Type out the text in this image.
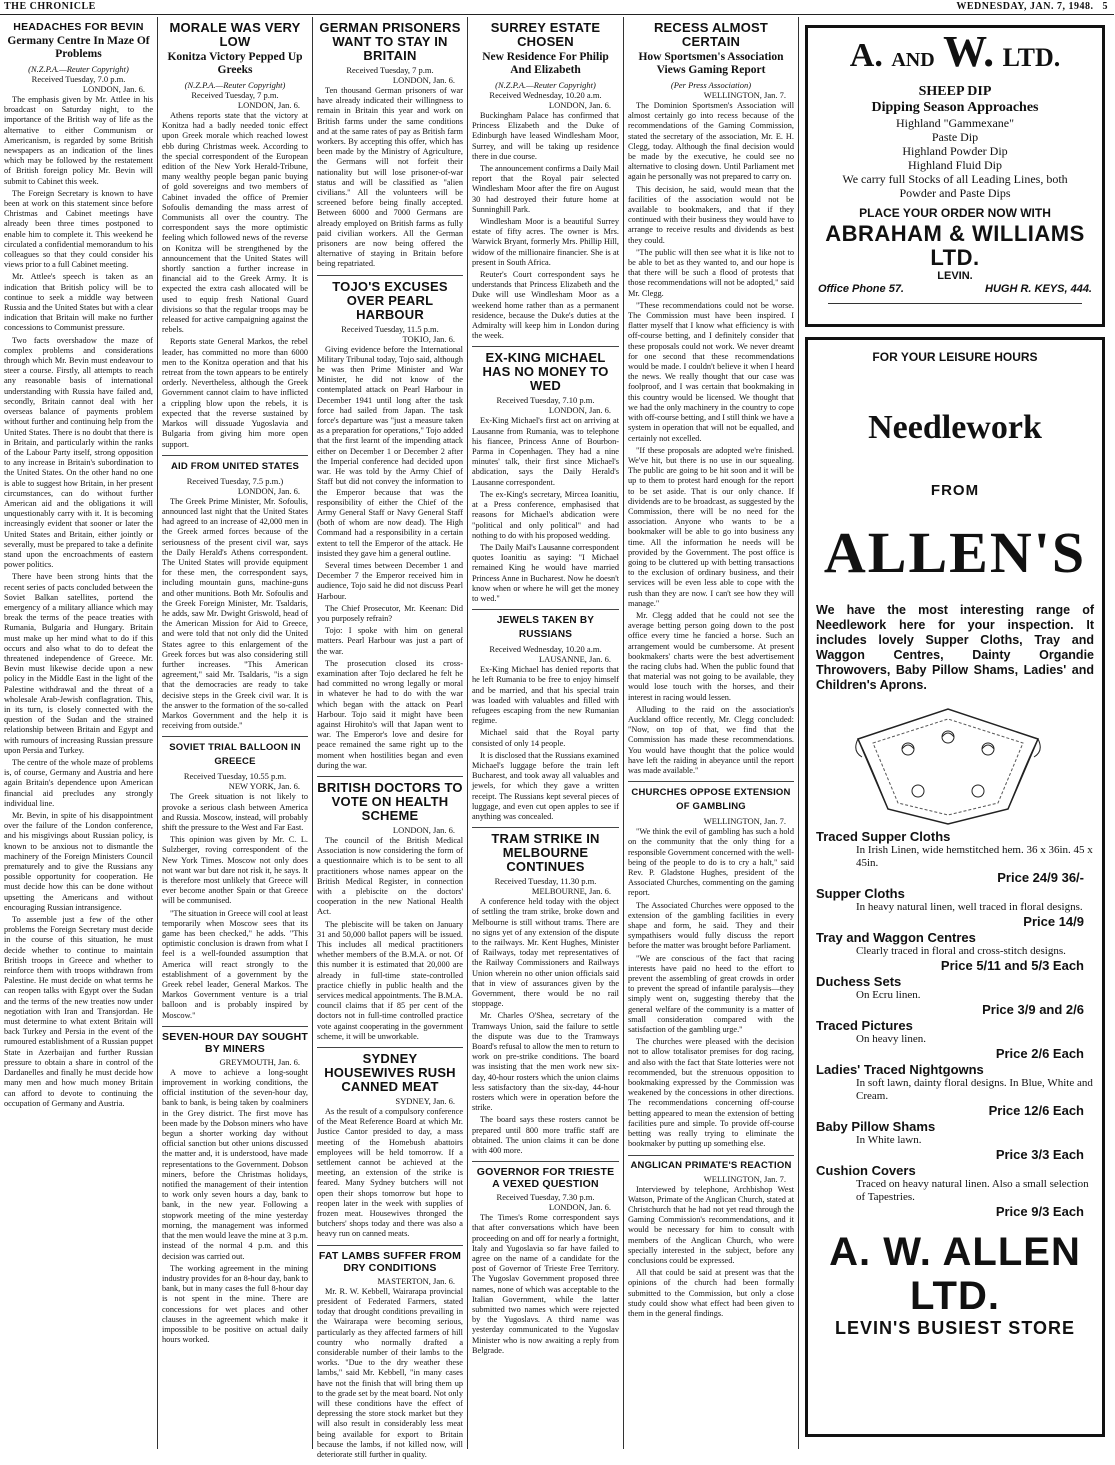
THE CHRONICLE	WEDNESDAY, JAN. 7, 1948. 5
HEADACHES FOR BEVIN
Germany Centre In Maze Of Problems

(N.Z.P.A.—Reuter Copyright)

Received Tuesday, 7.0 p.m.

LONDON, Jan. 6.

The emphasis given by Mr. Attlee in his broadcast on Saturday night, to the importance of the British way of life as the alternative to either Communism or Americanism, is regarded by some British newspapers as an indication of the lines which may be followed by the restatement of British foreign policy Mr. Bevin will submit to Cabinet this week.

The Foreign Secretary is known to have been at work on this statement since before Christmas and Cabinet meetings have already been three times postponed to enable him to complete it. This weekend he circulated a confidential memorandum to his colleagues so that they could consider his views prior to a full Cabinet meeting.

Mr. Attlee's speech is taken as an indication that British policy will be to continue to seek a middle way between Russia and the United States but with a clear indication that Britain will make no further concessions to Communist pressure.

Two facts overshadow the maze of complex problems and considerations through which Mr. Bevin must endeavour to steer a course. Firstly, all attempts to reach any reasonable basis of international understanding with Russia have failed and, secondly, Britain cannot deal with her overseas balance of payments problem without further and continuing help from the United States. There is no doubt that there is in Britain, and particularly within the ranks of the Labour Party itself, strong opposition to any increase in Britain's subordination to the United States. On the other hand no one is able to suggest how Britain, in her present circumstances, can do without further American aid and the obligations it will unquestionably carry with it. It is becoming increasingly evident that sooner or later the United States and Britain, either jointly or severally, must be prepared to take a definite stand upon the encroachments of eastern power politics.

There have been strong hints that the recent series of pacts concluded between the Soviet Balkan satellites, portend the emergency of a military alliance which may break the terms of the peace treaties with Rumania, Bulgaria and Hungary. Britain must make up her mind what to do if this occurs and also what to do to defeat the threatened independence of Greece. Mr. Bevin must likewise decide upon a new policy in the Middle East in the light of the Palestine withdrawal and the threat of a wholesale Arab-Jewish conflagration. This, in its turn, is closely connected with the question of the Sudan and the strained relationship between Britain and Egypt and with rumours of increasing Russian pressure upon Persia and Turkey.

The centre of the whole maze of problems is, of course, Germany and Austria and here again Britain's dependence upon American financial aid precludes any strongly individual line.

Mr. Bevin, in spite of his disappointment over the failure of the London conference, and his misgivings about Russian policy, is known to be anxious not to dismantle the machinery of the Foreign Ministers Council prematurely and to give the Russians any possible opportunity for cooperation. He must decide how this can be done without upsetting the Americans and without encouraging Russian intransigence.

To assemble just a few of the other problems the Foreign Secretary must decide in the course of this situation, he must decide whether to continue to maintain British troops in Greece and whether to reinforce them with troops withdrawn from Palestine. He must decide on what terms he can reopen talks with Egypt over the Sudan and the terms of the new treaties now under negotiation with Iran and Transjordan. He must determine to what extent Britain will back Turkey and Persia in the event of the rumoured establishment of a Russian puppet State in Azerbaijan and further Russian pressure to obtain a share in control of the Dardanelles and finally he must decide how many men and how much money Britain can afford to devote to continuing the occupation of Germany and Austria.

MORALE WAS VERY LOW
Konitza Victory Pepped Up Greeks

(N.Z.P.A.—Reuter Copyright)

Received Tuesday, 7 p.m.

LONDON, Jan. 6.

Athens reports state that the victory at Konitza had a badly needed tonic effect upon Greek morale which reached lowest ebb during Christmas week. According to the special correspondent of the European edition of the New York Herald-Tribune, many wealthy people began panic buying of gold sovereigns and two members of Cabinet invaded the office of Premier Sofoulis demanding the mass arrest of Communists all over the country. The correspondent says the more optimistic feeling which followed news of the reverse on Konitza will be strengthened by the announcement that the United States will shortly sanction a further increase in financial aid to the Greek Army. It is expected the extra cash allocated will be used to equip fresh National Guard divisions so that the regular troops may be released for active campaigning against the rebels.

Reports state General Markos, the rebel leader, has committed no more than 6000 men to the Konitza operation and that his retreat from the town appears to be entirely orderly. Nevertheless, although the Greek Government cannot claim to have inflicted a crippling blow upon the rebels, it is expected that the reverse sustained by Markos will dissuade Yugoslavia and Bulgaria from giving him more open support.

AID FROM UNITED STATES

Received Tuesday, 7.5 p.m.)

LONDON, Jan. 6.

The Greek Prime Minister, Mr. Sofoulis, announced last night that the United States had agreed to an increase of 42,000 men in the Greek armed forces because of the seriousness of the present civil war, says the Daily Herald's Athens correspondent. The United States will provide equipment for these men, the correspondent says, including mountain guns, machine-guns and other munitions. Both Mr. Sofoulis and the Greek Foreign Minister, Mr. Tsaldaris, he adds, saw Mr. Dwight Griswold, head of the American Mission for Aid to Greece, and were told that not only did the United States agree to this enlargement of the Greek forces but was also considering still further increases. "This American agreement," said Mr. Tsaldaris, "is a sign that the democracies are ready to take decisive steps in the Greek civil war. It is the answer to the formation of the so-called Markos Government and the help it is receiving from outside."

SOVIET TRIAL BALLOON IN GREECE

Received Tuesday, 10.55 p.m.

NEW YORK, Jan. 6.

The Greek situation is not likely to provoke a serious clash between America and Russia. Moscow, instead, will probably shift the pressure to the West and Far East.

This opinion was given by Mr. C. L. Sulzberger, roving correspondent of the New York Times. Moscow not only does not want war but dare not risk it, he says. It is therefore most unlikely that Greece will ever become another Spain or that Greece will be communised.

"The situation in Greece will cool at least temporarily when Moscow sees that its game has been checked," he adds. "This optimistic conclusion is drawn from what I feel is a well-founded assumption that America will react strongly to the establishment of a government by the Greek rebel leader, General Markos. The Markos Government venture is a trial balloon and is probably inspired by Moscow."

SEVEN-HOUR DAY SOUGHT BY MINERS

GREYMOUTH, Jan. 6.

A move to achieve a long-sought improvement in working conditions, the official institution of the seven-hour day, bank to bank, is being taken by coalminers in the Grey district. The first move has been made by the Dobson miners who have begun a shorter working day without official sanction but other unions discussed the matter and, it is understood, have made representations to the Government. Dobson miners, before the Christmas holidays, notified the management of their intention to work only seven hours a day, bank to bank, in the new year. Following a stopwork meeting of the mine yesterday morning, the management was informed that the men would leave the mine at 3 p.m. instead of the normal 4 p.m. and this decision was carried out.

The working agreement in the mining industry provides for an 8-hour day, bank to bank, but in many cases the full 8-hour day is not spent in the mine. There are concessions for wet places and other clauses in the agreement which make it impossible to be positive on actual daily hours worked.

GERMAN PRISONERS WANT TO STAY IN BRITAIN

Received Tuesday, 7 p.m.

LONDON, Jan. 6.

Ten thousand German prisoners of war have already indicated their willingness to remain in Britain this year and work on British farms under the same conditions and at the same rates of pay as British farm workers. By accepting this offer, which has been made by the Ministry of Agriculture, the Germans will not forfeit their nationality but will lose prisoner-of-war status and will be classified as "alien civilians." All the volunteers will be screened before being finally accepted. Between 6000 and 7000 Germans are already employed on British farms as fully paid civilian workers. All the German prisoners are now being offered the alternative of staying in Britain before being repatriated.

TOJO'S EXCUSES OVER PEARL HARBOUR

Received Tuesday, 11.5 p.m.

TOKIO, Jan. 6.

Giving evidence before the International Military Tribunal today, Tojo said, although he was then Prime Minister and War Minister, he did not know of the contemplated attack on Pearl Harbour in December 1941 until long after the task force had sailed from Japan. The task force's departure was "just a measure taken as a preparation for operations," Tojo added that the first learnt of the impending attack either on December 1 or December 2 after the Imperial conference had decided upon war. He was told by the Army Chief of Staff but did not convey the information to the Emperor because that was the responsibility of either the Chief of the Army General Staff or Navy General Staff (both of whom are now dead). The High Command had a responsibility in a certain extent to tell the Emperor of the attack. He insisted they gave him a general outline.

Several times between December 1 and December 7 the Emperor received him in audience, Tojo said he did not discuss Pearl Harbour.

The Chief Prosecutor, Mr. Keenan: Did you purposely refrain?

Tojo: I spoke with him on general matters. Pearl Harbour was just a part of the war.

The prosecution closed its cross-examination after Tojo declared he felt he had committed no wrong legally or moral in whatever he had to do with the war which began with the attack on Pearl Harbour. Tojo said it might have been against Hirohito's will that Japan went to war. The Emperor's love and desire for peace remained the same right up to the moment when hostilities began and even during the war.

BRITISH DOCTORS TO VOTE ON HEALTH SCHEME

LONDON, Jan. 6.

The council of the British Medical Association is now considering the form of a questionnaire which is to be sent to all practitioners whose names appear on the British Medical Register, in connection with a plebiscite on the doctors' cooperation in the new National Health Act.

The plebiscite will be taken on January 31 and 50,000 ballot papers will be issued. This includes all medical practitioners whether members of the B.M.A. or not. Of this number it is estimated that 20,000 are already in full-time state-controlled practice chiefly in public health and the services medical appointments. The B.M.A. council claims that if 85 per cent of the doctors not in full-time controlled practice vote against cooperating in the government scheme, it will be unworkable.

SYDNEY HOUSEWIVES RUSH CANNED MEAT

SYDNEY, Jan. 6.

As the result of a compulsory conference of the Meat Reference Board at which Mr. Justice Cantor presided to day, a mass meeting of the Homebush abattoirs employees will be held tomorrow. If a settlement cannot be achieved at the meeting, an extension of the strike is feared. Many Sydney butchers will not open their shops tomorrow but hope to reopen later in the week with supplies of frozen meat. Housewives thronged the butchers' shops today and there was also a heavy run on canned meats.

FAT LAMBS SUFFER FROM DRY CONDITIONS

MASTERTON, Jan. 6.

Mr. R. W. Kebbell, Wairarapa provincial president of Federated Farmers, stated today that drought conditions prevailing in the Wairarapa were becoming serious, particularly as they affected farmers of hill country who normally drafted a considerable number of their lambs to the works. "Due to the dry weather these lambs," said Mr. Kebbell, "in many cases have not the finish that will bring them up to the grade set by the meat board. Not only will these conditions have the effect of depressing the store stock market but they will also result in considerably less meat being available for export to Britain because the lambs, if not killed now, will deteriorate still further in quality.

SURREY ESTATE CHOSEN
New Residence For Philip And Elizabeth

(N.Z.P.A.—Reuter Copyright)

Received Wednesday, 10.20 a.m.

LONDON, Jan. 6.

Buckingham Palace has confirmed that Princess Elizabeth and the Duke of Edinburgh have leased Windlesham Moor, Surrey, and will be taking up residence there in due course.

The announcement confirms a Daily Mail report that the Royal pair selected Windlesham Moor after the fire on August 30 had destroyed their future home at Sunninghill Park.

Windlesham Moor is a beautiful Surrey estate of fifty acres. The owner is Mrs. Warwick Bryant, formerly Mrs. Phillip Hill, widow of the millionaire financier. She is at present in South Africa.

Reuter's Court correspondent says he understands that Princess Elizabeth and the Duke will use Windlesham Moor as a weekend home rather than as a permanent residence, because the Duke's duties at the Admiralty will keep him in London during the week.

EX-KING MICHAEL HAS NO MONEY TO WED

Received Tuesday, 7.10 p.m.

LONDON, Jan. 6.

Ex-King Michael's first act on arriving at Lausanne from Rumania, was to telephone his fiancee, Princess Anne of Bourbon-Parma in Copenhagen. They had a nine minutes' talk, their first since Michael's abdication, says the Daily Herald's Lausanne correspondent.

The ex-King's secretary, Mircea Ioanitiu, at a Press conference, emphasised that reasons for Michael's abdication were "political and only political" and had nothing to do with his proposed wedding.

The Daily Mail's Lausanne correspondent quotes Ioanitiu as saying: "I Michael remained King he would have married Princess Anne in Bucharest. Now he doesn't know when or where he will get the money to wed."

JEWELS TAKEN BY RUSSIANS

Received Wednesday, 10.20 a.m.

LAUSANNE, Jan. 6.

Ex-King Michael has denied reports that he left Rumania to be free to enjoy himself and be married, and that his special train was loaded with valuables and filled with refugees escaping from the new Rumanian regime.

Michael said that the Royal party consisted of only 14 people.

It is disclosed that the Russians examined Michael's luggage before the train left Bucharest, and took away all valuables and jewels, for which they gave a written receipt. The Russians kept several pieces of luggage, and even cut open apples to see if anything was concealed.

TRAM STRIKE IN MELBOURNE CONTINUES

Received Tuesday, 11.30 p.m.

MELBOURNE, Jan. 6.

A conference held today with the object of settling the tram strike, broke down and Melbourne is still without trams. There are no signs yet of any extension of the dispute to the railways. Mr. Kent Hughes, Minister of Railways, today met representatives of the Railway Commissioners and Railways Union wherein no other union officials said that in view of assurances given by the Government, there would be no rail stoppage.

Mr. Charles O'Shea, secretary of the Tramways Union, said the failure to settle the dispute was due to the Tramways Board's refusal to allow the men to return to work on pre-strike conditions. The board was insisting that the men work new six-day, 40-hour rosters which the union claims less satisfactory than the six-day, 44-hour rosters which were in operation before the strike.

The board says these rosters cannot be prepared until 800 more traffic staff are obtained. The union claims it can be done with 400 more.

GOVERNOR FOR TRIESTE A VEXED QUESTION

Received Tuesday, 7.30 p.m.

LONDON, Jan. 6.

The Times's Rome correspondent says that after conversations which have been proceeding on and off for nearly a fortnight, Italy and Yugoslavia so far have failed to agree on the name of a candidate for the post of Governor of Trieste Free Territory. The Yugoslav Government proposed three names, none of which was acceptable to the Italian Government, while the latter submitted two names which were rejected by the Yugoslavs. A third name was yesterday communicated to the Yugoslav Minister who is now awaiting a reply from Belgrade.

RECESS ALMOST CERTAIN
How Sportsmen's Association Views Gaming Report

(Per Press Association)

WELLINGTON, Jan. 7.

The Dominion Sportsmen's Association will almost certainly go into recess because of the recommendations of the Gaming Commission, stated the secretary of the association, Mr. E. H. Clegg, today. Although the final decision would be made by the executive, he could see no alternative to closing down. Until Parliament met again he personally was not prepared to carry on.

This decision, he said, would mean that the facilities of the association would not be available to bookmakers, and that if they continued with their business they would have to arrange to receive results and dividends as best they could.

"The public will then see what it is like not to be able to bet as they wanted to, and our hope is that there will be such a flood of protests that those recommendations will not be adopted," said Mr. Clegg.

"These recommendations could not be worse. The Commission must have been inspired. I flatter myself that I know what efficiency is with off-course betting, and I definitely consider that these proposals could not work. We never dreamt for one second that these recommendations would be made. I couldn't believe it when I heard the news. We really thought that our case was foolproof, and I was certain that bookmaking in this country would be licensed. We thought that we had the only machinery in the country to cope with off-course betting, and I still think we have a system in operation that will not be equalled, and certainly not excelled.

"If these proposals are adopted we're finished. We've hit, but there is no use in our squealing. The public are going to be hit soon and it will be up to them to protest hard enough for the report to be set aside. That is our only chance. If dividends are to be broadcast, as suggested by the Commission, there will be no need for the association. Anyone who wants to be a bookmaker will be able to go into business any time. All the information he needs will be provided by the Government. The post office is going to be cluttered up with betting transactions to the exclusion of ordinary business, and their services will be even less able to cope with the rush than they are now. I can't see how they will manage."

Mr. Clegg added that he could not see the average betting person going down to the post office every time he fancied a horse. Such an arrangement would be cumbersome. At present bookmakers' charts were the best advertisement the racing clubs had. When the public found that that material was not going to be available, they would lose touch with the horses, and their interest in racing would lessen.

Alluding to the raid on the association's Auckland office recently, Mr. Clegg concluded: "Now, on top of that, we find that the Commission has made these recommendations. You would have thought that the police would have left the raiding in abeyance until the report was made available."

CHURCHES OPPOSE EXTENSION OF GAMBLING

WELLINGTON, Jan. 7.

"We think the evil of gambling has such a hold on the community that the only thing for a responsible Government concerned with the well-being of the people to do is to cry a halt," said Rev. P. Gladstone Hughes, president of the Associated Churches, commenting on the gaming report.

The Associated Churches were opposed to the extension of the gambling facilities in every shape and form, he said. They and their sympathisers would fully discuss the report before the matter was brought before Parliament.

"We are conscious of the fact that racing interests have paid no heed to the effort to prevent the assembling of great crowds in order to prevent the spread of infantile paralysis—they simply went on, suggesting thereby that the general welfare of the community is a matter of small consideration compared with the satisfaction of the gambling urge."

The churches were pleased with the decision not to allow totalisator premises for dog racing, and also with the fact that State lotteries were not recommended, but the strenuous opposition to bookmaking expressed by the Commission was weakened by the concessions in other directions. The recommendations concerning off-course betting appeared to mean the extension of betting facilities pure and simple. To provide off-course betting was really trying to eliminate the bookmaker by putting up something else.

ANGLICAN PRIMATE'S REACTION

WELLINGTON, Jan. 7.

Interviewed by telephone, Archbishop West Watson, Primate of the Anglican Church, stated at Christchurch that he had not yet read through the Gaming Commission's recommendations, and it would be necessary for him to consult with members of the Anglican Church, who were specially interested in the subject, before any conclusions could be expressed.

All that could be said at present was that the opinions of the church had been formally submitted to the Commission, but only a close study could show what effect had been given to them in the general findings.

A. AND W. LTD.
SHEEP DIP
Dipping Season Approaches
Highland "Gammexane"
Paste Dip
Highland Powder Dip
Highland Fluid Dip
We carry full Stocks of all Leading Lines, both
Powder and Paste Dips
PLACE YOUR ORDER NOW WITH
ABRAHAM & WILLIAMS LTD.
LEVIN.
Office Phone 57.	HUGH R. KEYS, 444.
FOR YOUR LEISURE HOURS
Needlework
FROM
ALLEN'S
We have the most interesting range of Needlework here for your inspection. It includes lovely Supper Cloths, Tray and Waggon Centres, Dainty Organdie Throwovers, Baby Pillow Shams, Ladies' and Children's Aprons.
Traced Supper Cloths
In Irish Linen, wide hemstitched hem. 36 x 36in. 45 x 45in.
Price 24/9 36/-
Supper Cloths
In heavy natural linen, well traced in floral designs.
Price 14/9
Tray and Waggon Centres
Clearly traced in floral and cross-stitch designs.
Price 5/11 and 5/3 Each
Duchess Sets
On Ecru linen.
Price 3/9 and 2/6
Traced Pictures
On heavy linen.
Price 2/6 Each
Ladies' Traced Nightgowns
In soft lawn, dainty floral designs. In Blue, White and Cream.
Price 12/6 Each
Baby Pillow Shams
In White lawn.
Price 3/3 Each
Cushion Covers
Traced on heavy natural linen. Also a small selection of Tapestries.
Price 9/3 Each
A. W. ALLEN LTD.
LEVIN'S BUSIEST STORE
